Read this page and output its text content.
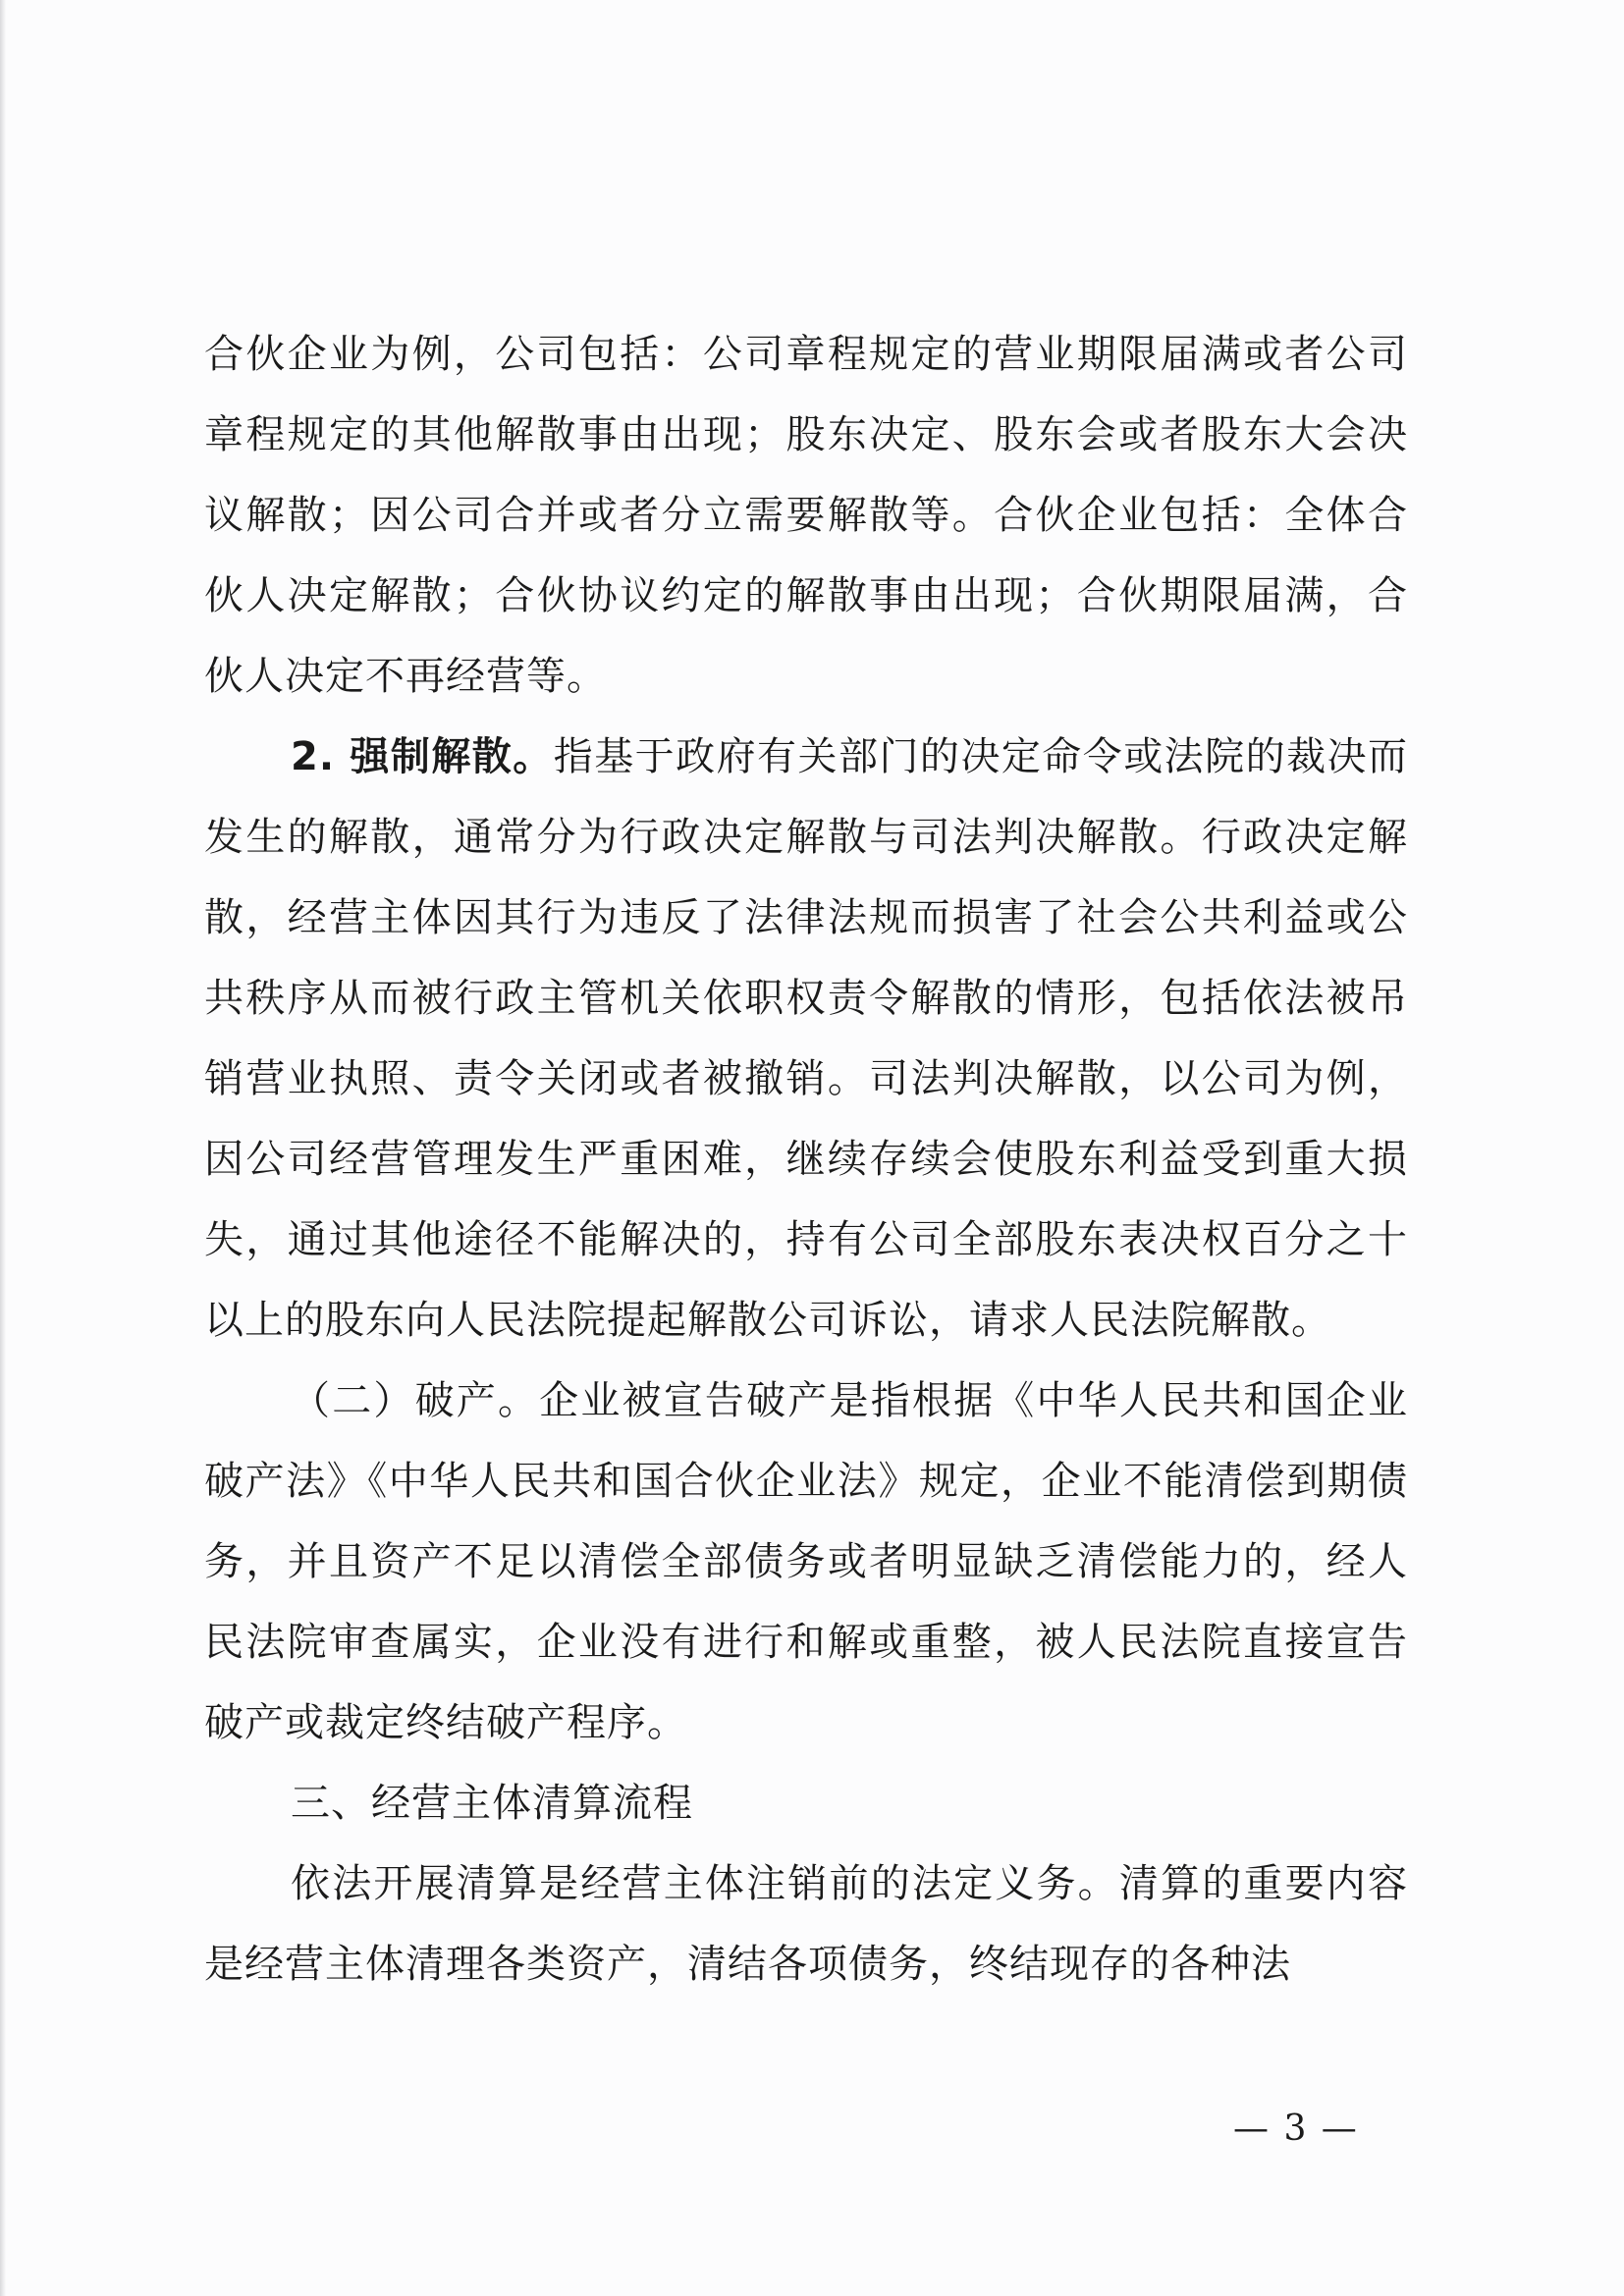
合伙企业为例，公司包括：公司章程规定的营业期限届满或者公司章程规定的其他解散事由出现；股东决定、股东会或者股东大会决议解散；因公司合并或者分立需要解散等。合伙企业包括：全体合伙人决定解散；合伙协议约定的解散事由出现；合伙期限届满，合伙人决定不再经营等。

2. 强制解散。指基于政府有关部门的决定命令或法院的裁决而发生的解散，通常分为行政决定解散与司法判决解散。行政决定解散，经营主体因其行为违反了法律法规而损害了社会公共利益或公共秩序从而被行政主管机关依职权责令解散的情形，包括依法被吊销营业执照、责令关闭或者被撤销。司法判决解散，以公司为例，因公司经营管理发生严重困难，继续存续会使股东利益受到重大损失，通过其他途径不能解决的，持有公司全部股东表决权百分之十以上的股东向人民法院提起解散公司诉讼，请求人民法院解散。

（二）破产。企业被宣告破产是指根据《中华人民共和国企业破产法》《中华人民共和国合伙企业法》规定，企业不能清偿到期债务，并且资产不足以清偿全部债务或者明显缺乏清偿能力的，经人民法院审查属实，企业没有进行和解或重整，被人民法院直接宣告破产或裁定终结破产程序。

三、经营主体清算流程

依法开展清算是经营主体注销前的法定义务。清算的重要内容是经营主体清理各类资产，清结各项债务，终结现存的各种法

— 3 —
